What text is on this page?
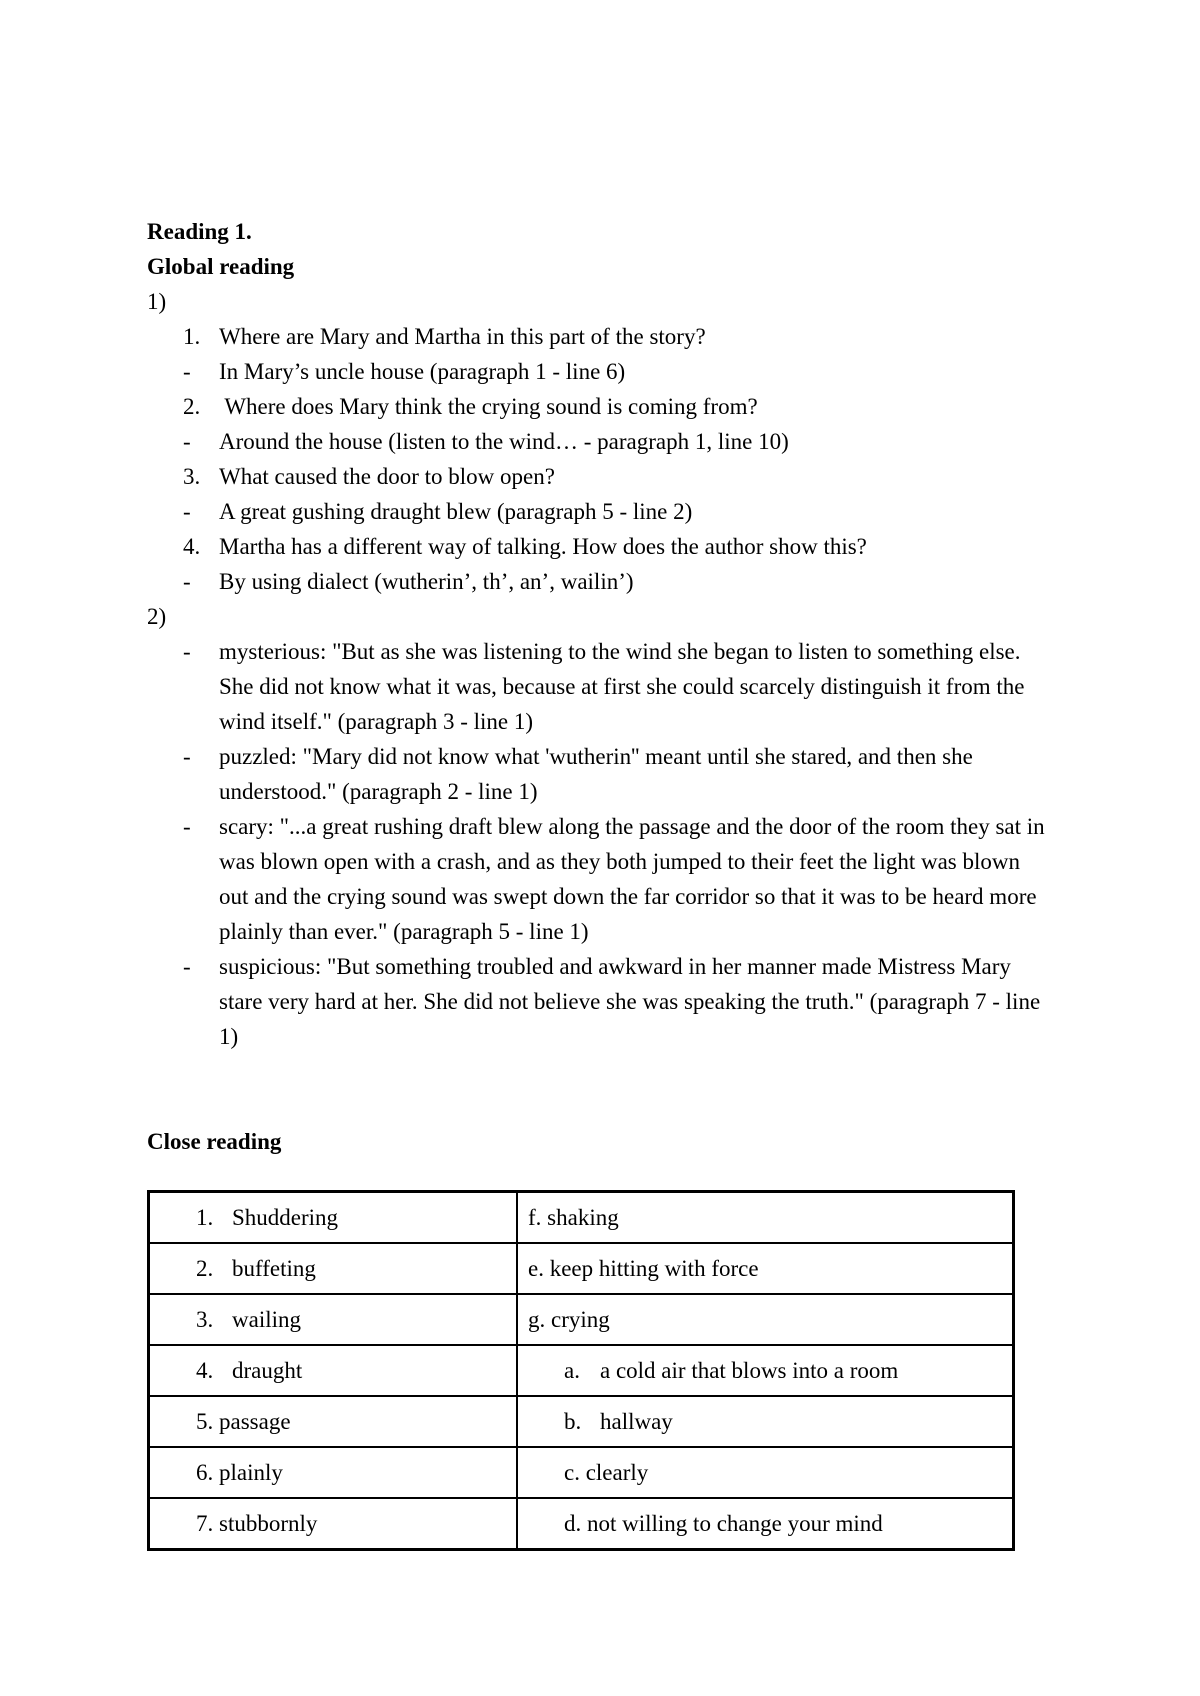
Reading 1.

Global reading

1)

1. Where are Mary and Martha in this part of the story?
-	In Mary’s uncle house (paragraph 1 - line 6)
2. Where does Mary think the crying sound is coming from?
-	Around the house (listen to the wind… - paragraph 1, line 10)
3. What caused the door to blow open?
-	A great gushing draught blew (paragraph 5 - line 2)
4. Martha has a different way of talking. How does the author show this?
-	By using dialect (wutherin’, th’, an’, wailin’)

2)

-	mysterious: "But as she was listening to the wind she began to listen to something else. She did not know what it was, because at first she could scarcely distinguish it from the wind itself." (paragraph 3 - line 1)
-	puzzled: "Mary did not know what 'wutherin'' meant until she stared, and then she understood." (paragraph 2 - line 1)
-	scary: "...a great rushing draft blew along the passage and the door of the room they sat in was blown open with a crash, and as they both jumped to their feet the light was blown out and the crying sound was swept down the far corridor so that it was to be heard more plainly than ever." (paragraph 5 - line 1)
-	suspicious: "But something troubled and awkward in her manner made Mistress Mary stare very hard at her. She did not believe she was speaking the truth." (paragraph 7 - line 1)

Close reading

1. Shuddering	f. shaking
2. buffeting	e. keep hitting with force
3. wailing	g. crying
4. draught	a. a cold air that blows into a room
5. passage	b. hallway
6. plainly	c. clearly
7. stubbornly	d. not willing to change your mind
